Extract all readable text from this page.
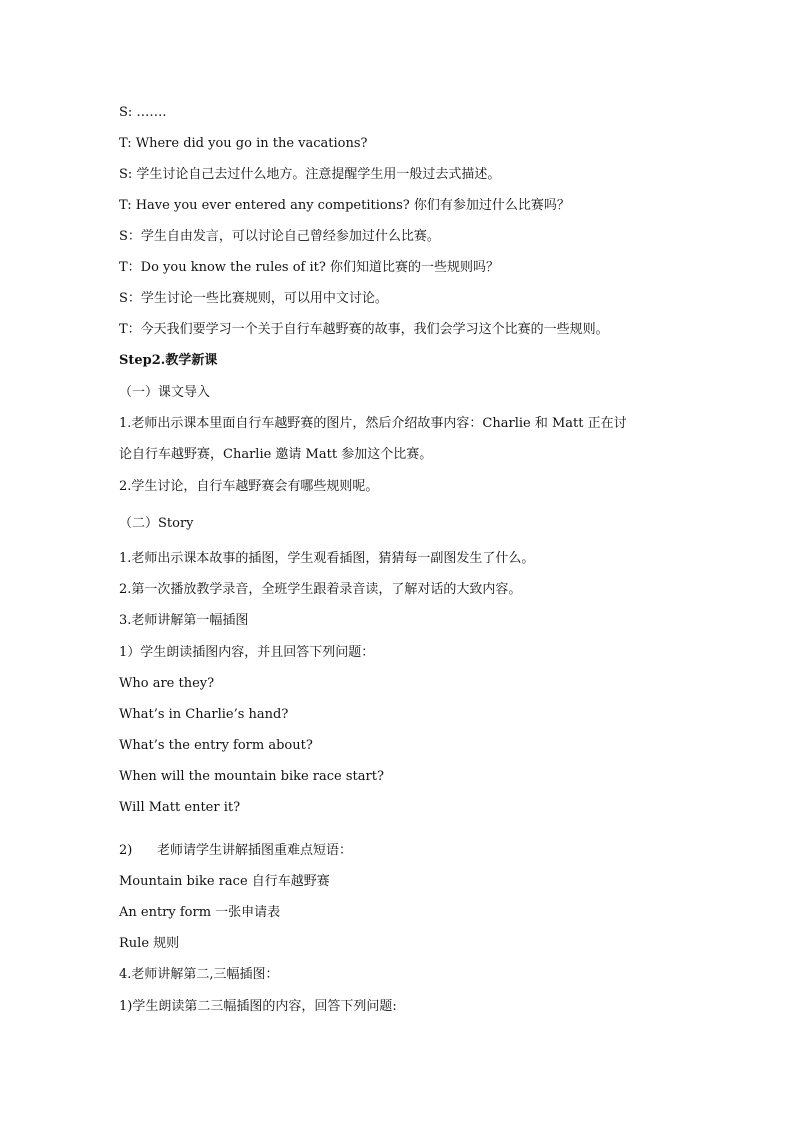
S: …….
T: Where did you go in the vacations?
S: 学生讨论自己去过什么地方。注意提醒学生用一般过去式描述。
T: Have you ever entered any competitions? 你们有参加过什么比赛吗？
S：学生自由发言，可以讨论自己曾经参加过什么比赛。
T：Do you know the rules of it? 你们知道比赛的一些规则吗？
S：学生讨论一些比赛规则，可以用中文讨论。
T：今天我们要学习一个关于自行车越野赛的故事，我们会学习这个比赛的一些规则。
Step2.教学新课
（一）课文导入
1.老师出示课本里面自行车越野赛的图片，然后介绍故事内容：Charlie 和 Matt 正在讨
论自行车越野赛，Charlie 邀请 Matt 参加这个比赛。
2.学生讨论，自行车越野赛会有哪些规则呢。
（二）Story
1.老师出示课本故事的插图，学生观看插图，猜猜每一副图发生了什么。
2.第一次播放教学录音，全班学生跟着录音读，了解对话的大致内容。
3.老师讲解第一幅插图
1）学生朗读插图内容，并且回答下列问题：
Who are they?
What’s in Charlie’s hand?
What’s the entry form about?
When will the mountain bike race start?
Will Matt enter it?
2) 老师请学生讲解插图重难点短语：
Mountain bike race 自行车越野赛
An entry form 一张申请表
Rule 规则
4.老师讲解第二,三幅插图：
1)学生朗读第二三幅插图的内容，回答下列问题:
